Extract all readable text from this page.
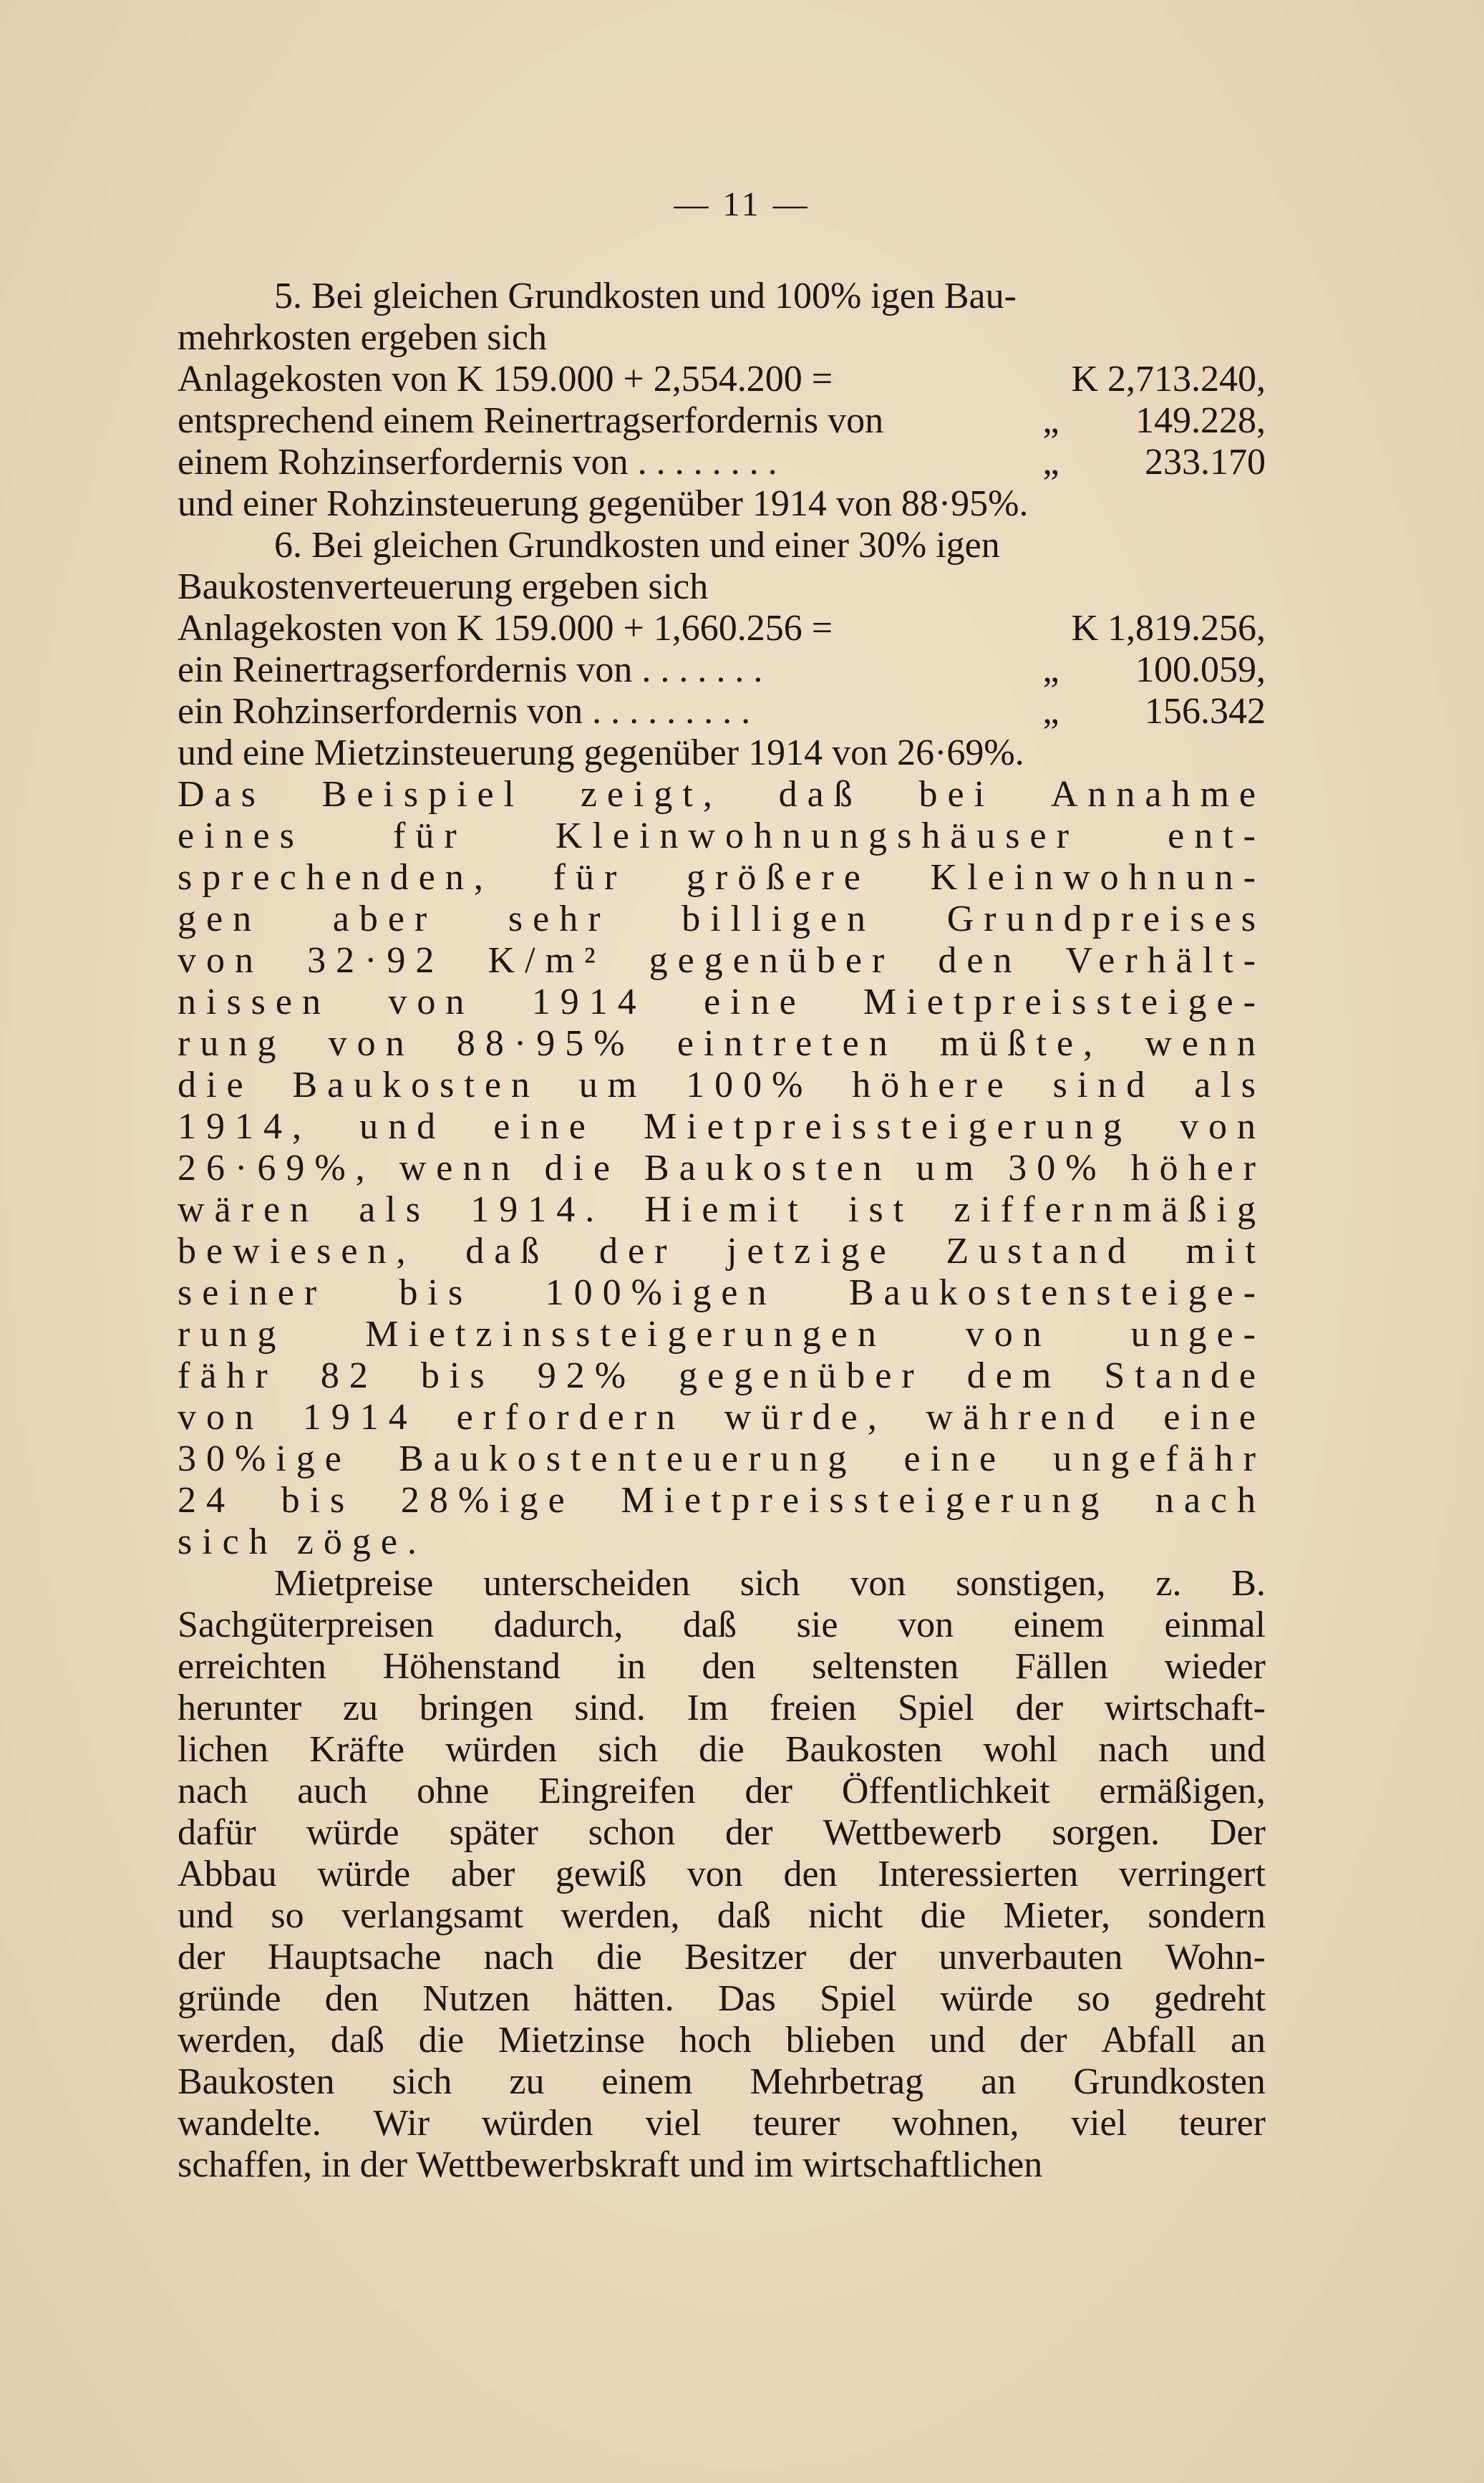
— 11 —
5. Bei gleichen Grundkosten und 100% igen Bau-
mehrkosten ergeben sich
Anlagekosten von K 159.000 + 2,554.200 =	K 2,713.240,
entsprechend einem Reinertragserfordernis von	„	149.228,
einem Rohzinserfordernis von . . . . . . . .	„	233.170
und einer Rohzinsteuerung gegenüber 1914 von 88·95%.
6. Bei gleichen Grundkosten und einer 30% igen
Baukostenverteuerung ergeben sich
Anlagekosten von K 159.000 + 1,660.256 =	K 1,819.256,
ein Reinertragserfordernis von . . . . . . .	„	100.059,
ein Rohzinserfordernis von . . . . . . . . .	„	156.342
und eine Mietzinsteuerung gegenüber 1914 von 26·69%.
Das Beispiel zeigt, daß bei Annahme
eines für Kleinwohnungshäuser ent-
sprechenden, für größere Kleinwohnun-
gen aber sehr billigen Grundpreises
von 32·92 K/m² gegenüber den Verhält-
nissen von 1914 eine Mietpreissteige-
rung von 88·95% eintreten müßte, wenn
die Baukosten um 100% höhere sind als
1914, und eine Mietpreissteigerung von
26·69%, wenn die Baukosten um 30% höher
wären als 1914. Hiemit ist ziffernmäßig
bewiesen, daß der jetzige Zustand mit
seiner bis 100%igen Baukostensteige-
rung Mietzinssteigerungen von unge-
fähr 82 bis 92% gegenüber dem Stande
von 1914 erfordern würde, während eine
30%ige Baukostenteuerung eine ungefähr
24 bis 28%ige Mietpreissteigerung nach
sich zöge.
Mietpreise unterscheiden sich von sonstigen, z. B.
Sachgüterpreisen dadurch, daß sie von einem einmal
erreichten Höhenstand in den seltensten Fällen wieder
herunter zu bringen sind. Im freien Spiel der wirtschaft-
lichen Kräfte würden sich die Baukosten wohl nach und
nach auch ohne Eingreifen der Öffentlichkeit ermäßigen,
dafür würde später schon der Wettbewerb sorgen. Der
Abbau würde aber gewiß von den Interessierten verringert
und so verlangsamt werden, daß nicht die Mieter, sondern
der Hauptsache nach die Besitzer der unverbauten Wohn-
gründe den Nutzen hätten. Das Spiel würde so gedreht
werden, daß die Mietzinse hoch blieben und der Abfall an
Baukosten sich zu einem Mehrbetrag an Grundkosten
wandelte. Wir würden viel teurer wohnen, viel teurer
schaffen, in der Wettbewerbskraft und im wirtschaftlichen
